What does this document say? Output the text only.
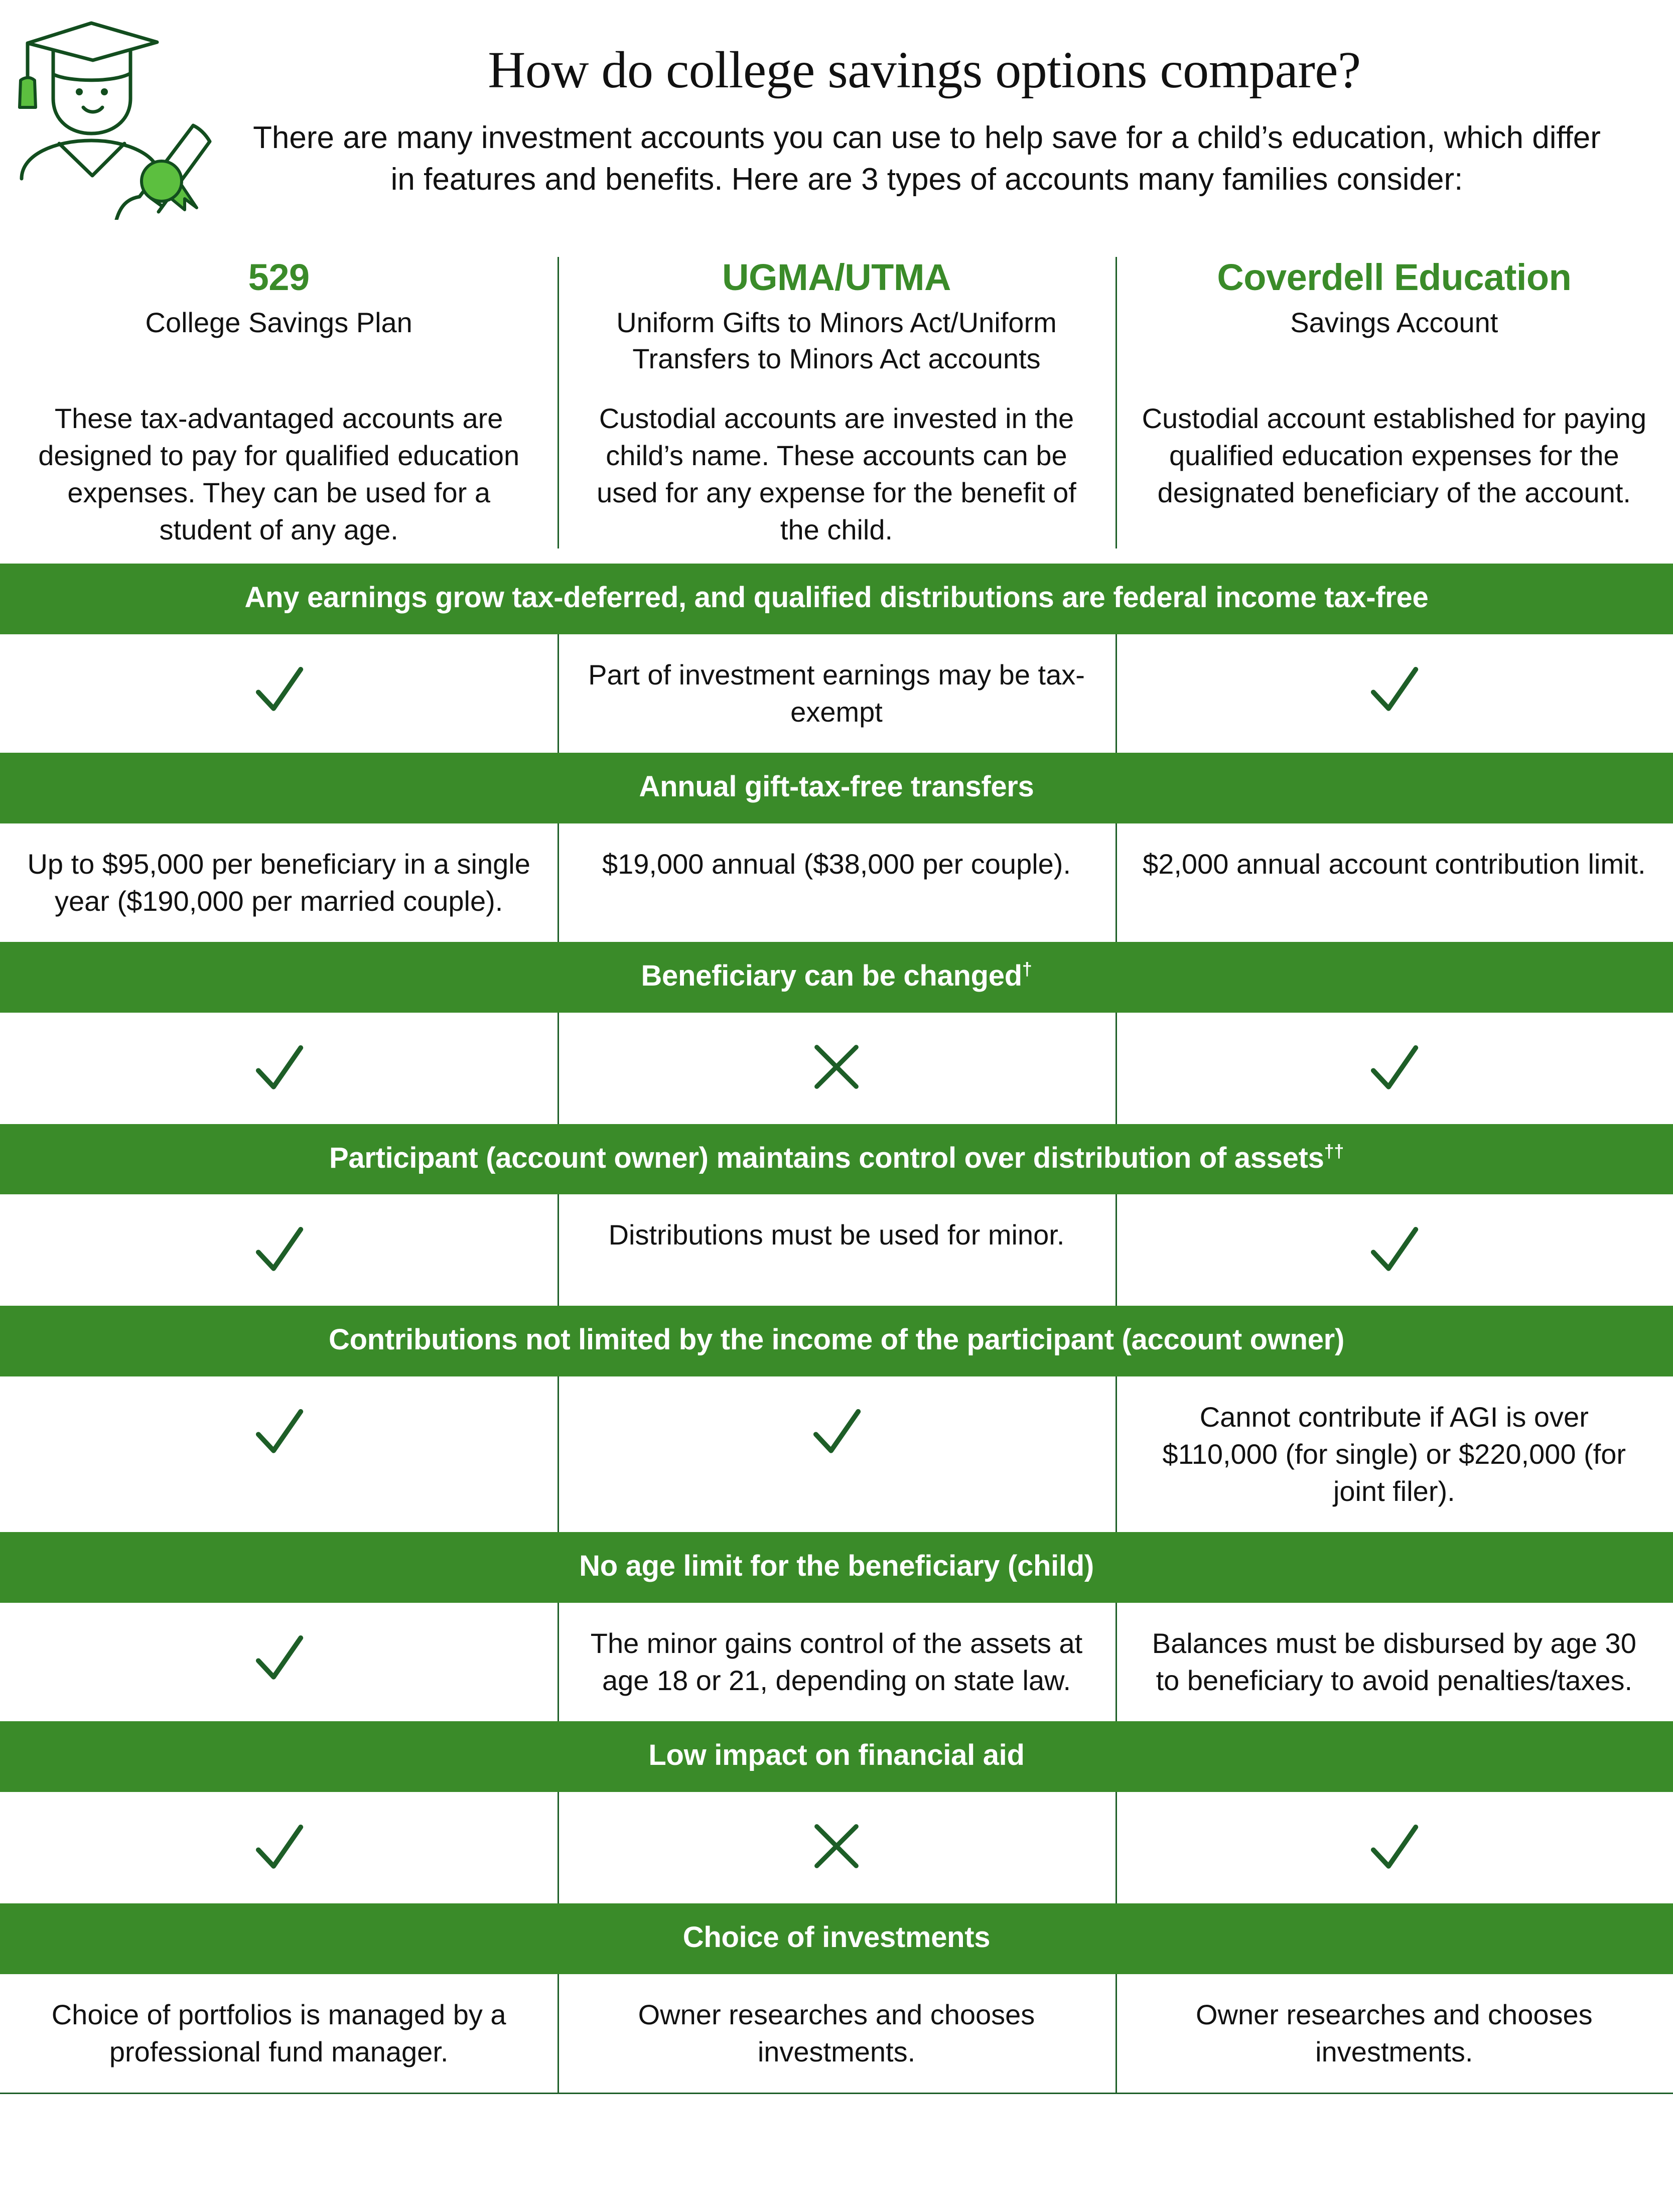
How do college savings options compare?
There are many investment accounts you can use to help save for a child’s education, which differ in features and benefits. Here are 3 types of accounts many families consider:
529
College Savings Plan
These tax-advantaged accounts are designed to pay for qualified education expenses. They can be used for a student of any age.
UGMA/UTMA
Uniform Gifts to Minors Act/Uniform Transfers to Minors Act accounts
Custodial accounts are invested in the child’s name. These accounts can be used for any expense for the benefit of the child.
Coverdell Education
Savings Account
Custodial account established for paying qualified education expenses for the designated beneficiary of the account.
Any earnings grow tax-deferred, and qualified distributions are federal income tax-free
Part of investment earnings may be tax-exempt
Annual gift-tax-free transfers
Up to $95,000 per beneficiary in a single year ($190,000 per married couple).
$19,000 annual ($38,000 per couple).	$2,000 annual account contribution limit.
Beneficiary can be changed†
Participant (account owner) maintains control over distribution of assets††
Distributions must be used for minor.
Contributions not limited by the income of the participant (account owner)
Cannot contribute if AGI is over $110,000 (for single) or $220,000 (for joint filer).
No age limit for the beneficiary (child)
The minor gains control of the assets at age 18 or 21, depending on state law.
Balances must be disbursed by age 30 to beneficiary to avoid penalties/taxes.
Low impact on financial aid
Choice of investments
Choice of portfolios is managed by a professional fund manager.
Owner researches and chooses investments.
Owner researches and chooses investments.
